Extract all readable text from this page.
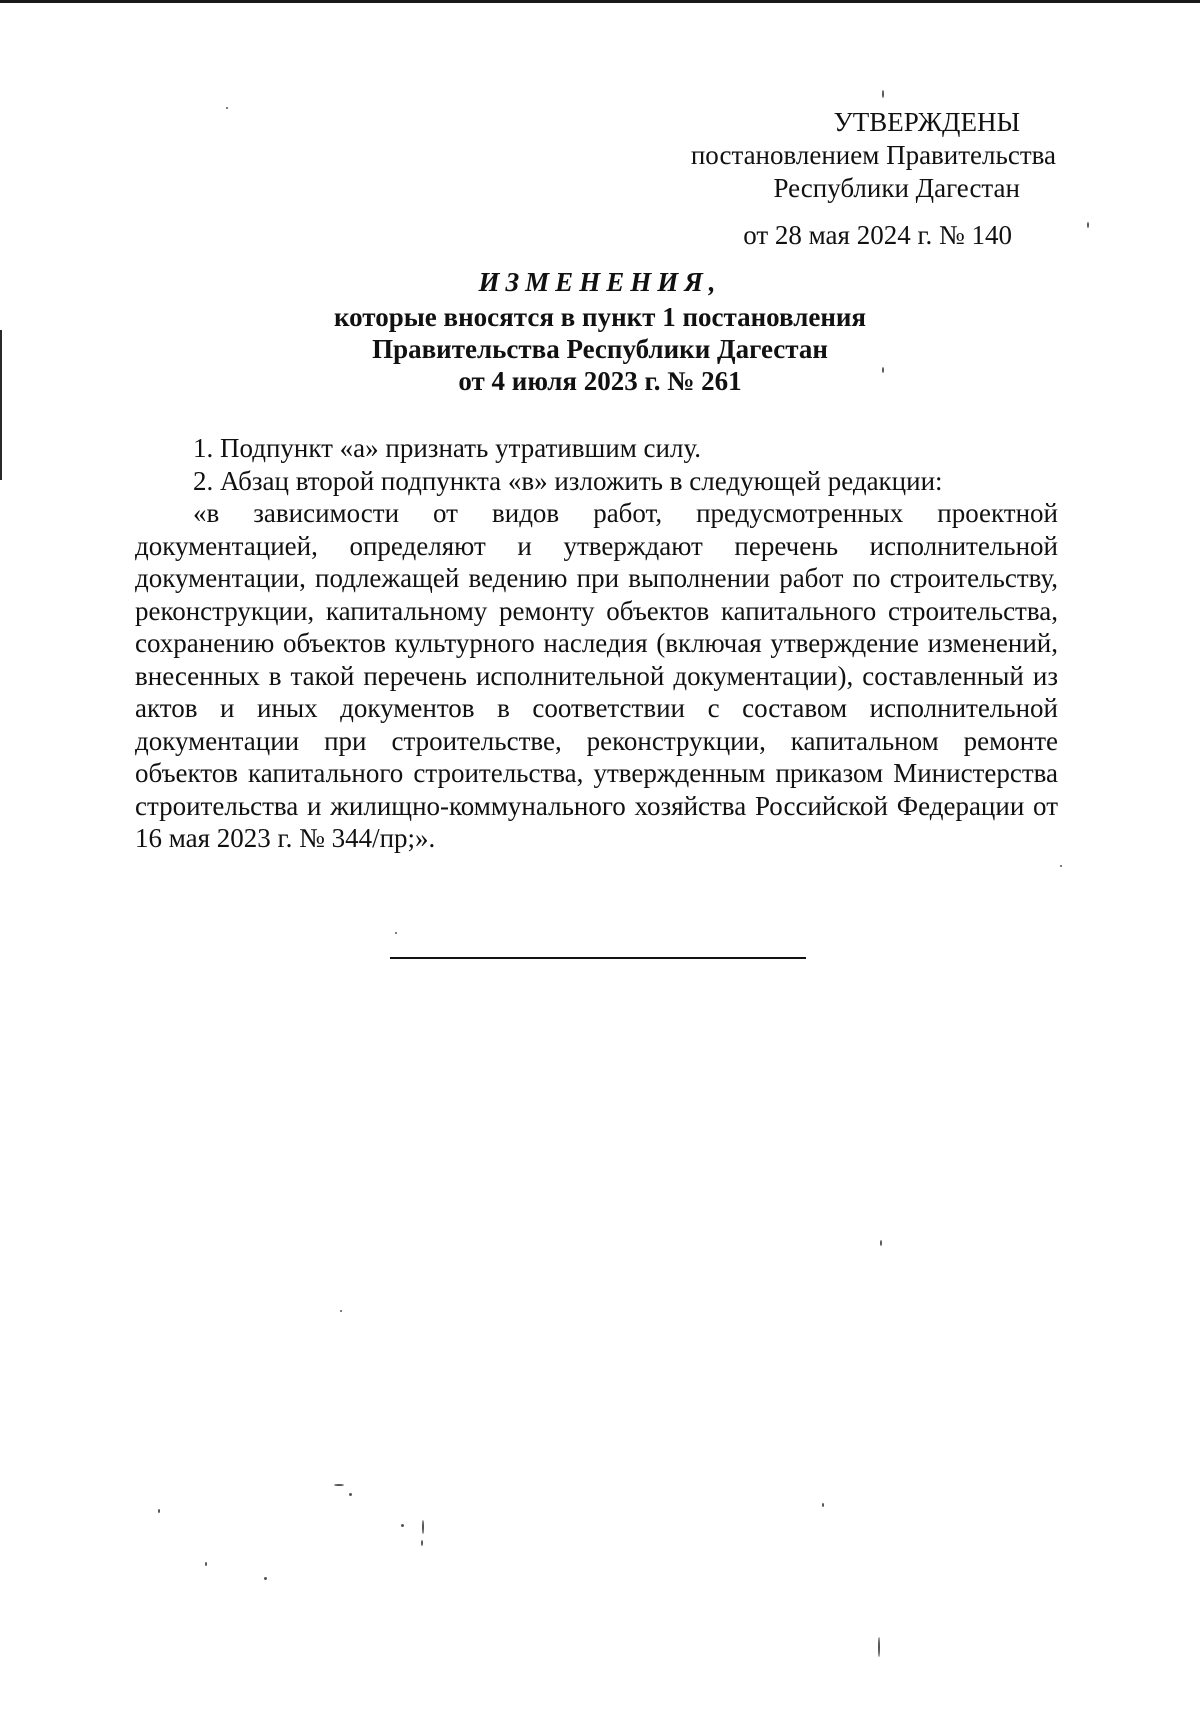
УТВЕРЖДЕНЫ
постановлением Правительства
Республики Дагестан
от 28 мая 2024 г. № 140
ИЗМЕНЕНИЯ,
которые вносятся в пункт 1 постановления
Правительства Республики Дагестан
от 4 июля 2023 г. № 261

1. Подпункт «а» признать утратившим силу.

2. Абзац второй подпункта «в» изложить в следующей редакции:

«в зависимости от видов работ, предусмотренных проектной документацией, определяют и утверждают перечень исполнительной документации, подлежащей ведению при выполнении работ по строительству, реконструкции, капитальному ремонту объектов капитального строительства, сохранению объектов культурного наследия (включая утверждение изменений, внесенных в такой перечень исполнительной документации), составленный из актов и иных документов в соответствии с составом исполнительной документации при строительстве, реконструкции, капитальном ремонте объектов капитального строительства, утвержденным приказом Министерства строительства и жилищно-коммунального хозяйства Российской Федерации от 16 мая 2023 г. № 344/пр;».
